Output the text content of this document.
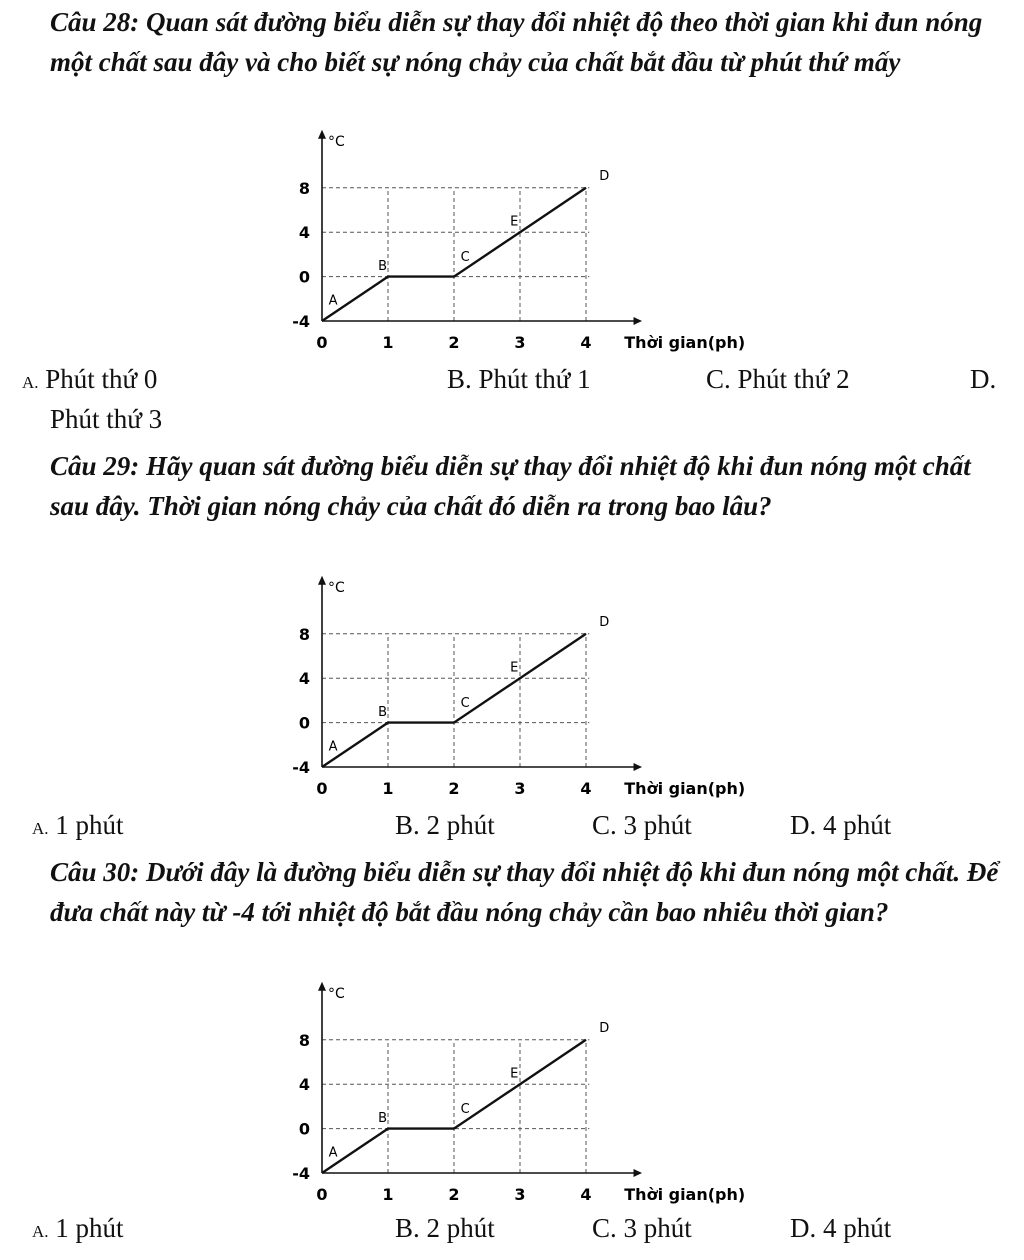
Câu 28: Quan sát đường biểu diễn sự thay đổi nhiệt độ theo thời gian khi đun nóng một chất sau đây và cho biết sự nóng chảy của chất bắt đầu từ phút thứ mấy

°C
Thời gian(ph)
8
4
0
-4
0	1	2	3	4
A
B
C
E
D
A. Phút thứ 0	B. Phút thứ 1	C. Phút thứ 2	D.
Phút thứ 3

Câu 29: Hãy quan sát đường biểu diễn sự thay đổi nhiệt độ khi đun nóng một chất sau đây. Thời gian nóng chảy của chất đó diễn ra trong bao lâu?

°C
Thời gian(ph)
8
4
0
-4
0	1	2	3	4
A
B
C
E
D
A. 1 phút	B. 2 phút	C. 3 phút	D. 4 phút

Câu 30: Dưới đây là đường biểu diễn sự thay đổi nhiệt độ khi đun nóng một chất. Để đưa chất này từ -4 tới nhiệt độ bắt đầu nóng chảy cần bao nhiêu thời gian?

°C
Thời gian(ph)
8
4
0
-4
0	1	2	3	4
A
B
C
E
D
A. 1 phút	B. 2 phút	C. 3 phút	D. 4 phút
